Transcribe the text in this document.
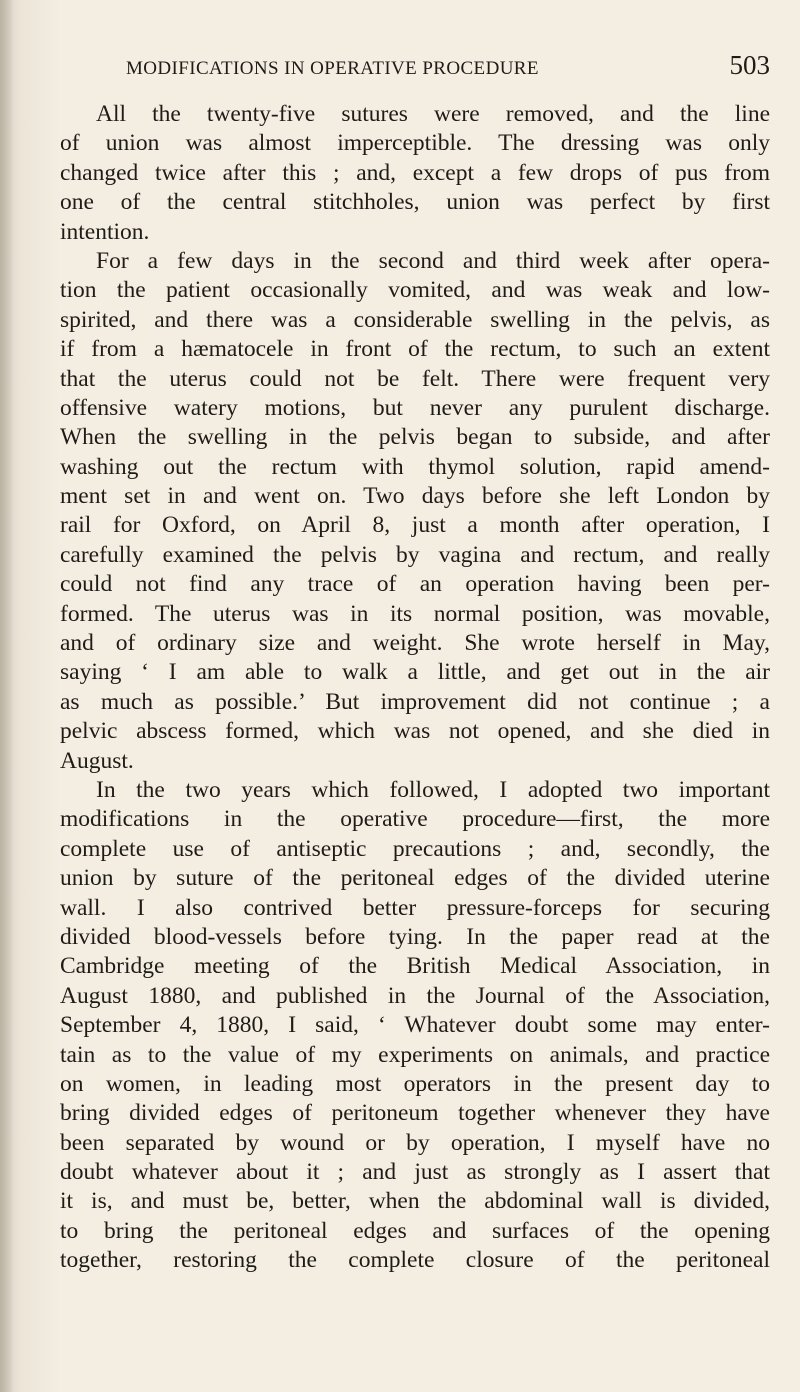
MODIFICATIONS IN OPERATIVE PROCEDURE	503
All the twenty-five sutures were removed, and the line
of union was almost imperceptible. The dressing was only
changed twice after this ; and, except a few drops of pus from
one of the central stitchholes, union was perfect by first
intention.
For a few days in the second and third week after opera-
tion the patient occasionally vomited, and was weak and low-
spirited, and there was a considerable swelling in the pelvis, as
if from a hæmatocele in front of the rectum, to such an extent
that the uterus could not be felt. There were frequent very
offensive watery motions, but never any purulent discharge.
When the swelling in the pelvis began to subside, and after
washing out the rectum with thymol solution, rapid amend-
ment set in and went on. Two days before she left London by
rail for Oxford, on April 8, just a month after operation, I
carefully examined the pelvis by vagina and rectum, and really
could not find any trace of an operation having been per-
formed. The uterus was in its normal position, was movable,
and of ordinary size and weight. She wrote herself in May,
saying ‘ I am able to walk a little, and get out in the air
as much as possible.’ But improvement did not continue ; a
pelvic abscess formed, which was not opened, and she died in
August.
In the two years which followed, I adopted two important
modifications in the operative procedure—first, the more
complete use of antiseptic precautions ; and, secondly, the
union by suture of the peritoneal edges of the divided uterine
wall. I also contrived better pressure-forceps for securing
divided blood-vessels before tying. In the paper read at the
Cambridge meeting of the British Medical Association, in
August 1880, and published in the Journal of the Association,
September 4, 1880, I said, ‘ Whatever doubt some may enter-
tain as to the value of my experiments on animals, and practice
on women, in leading most operators in the present day to
bring divided edges of peritoneum together whenever they have
been separated by wound or by operation, I myself have no
doubt whatever about it ; and just as strongly as I assert that
it is, and must be, better, when the abdominal wall is divided,
to bring the peritoneal edges and surfaces of the opening
together, restoring the complete closure of the peritoneal
